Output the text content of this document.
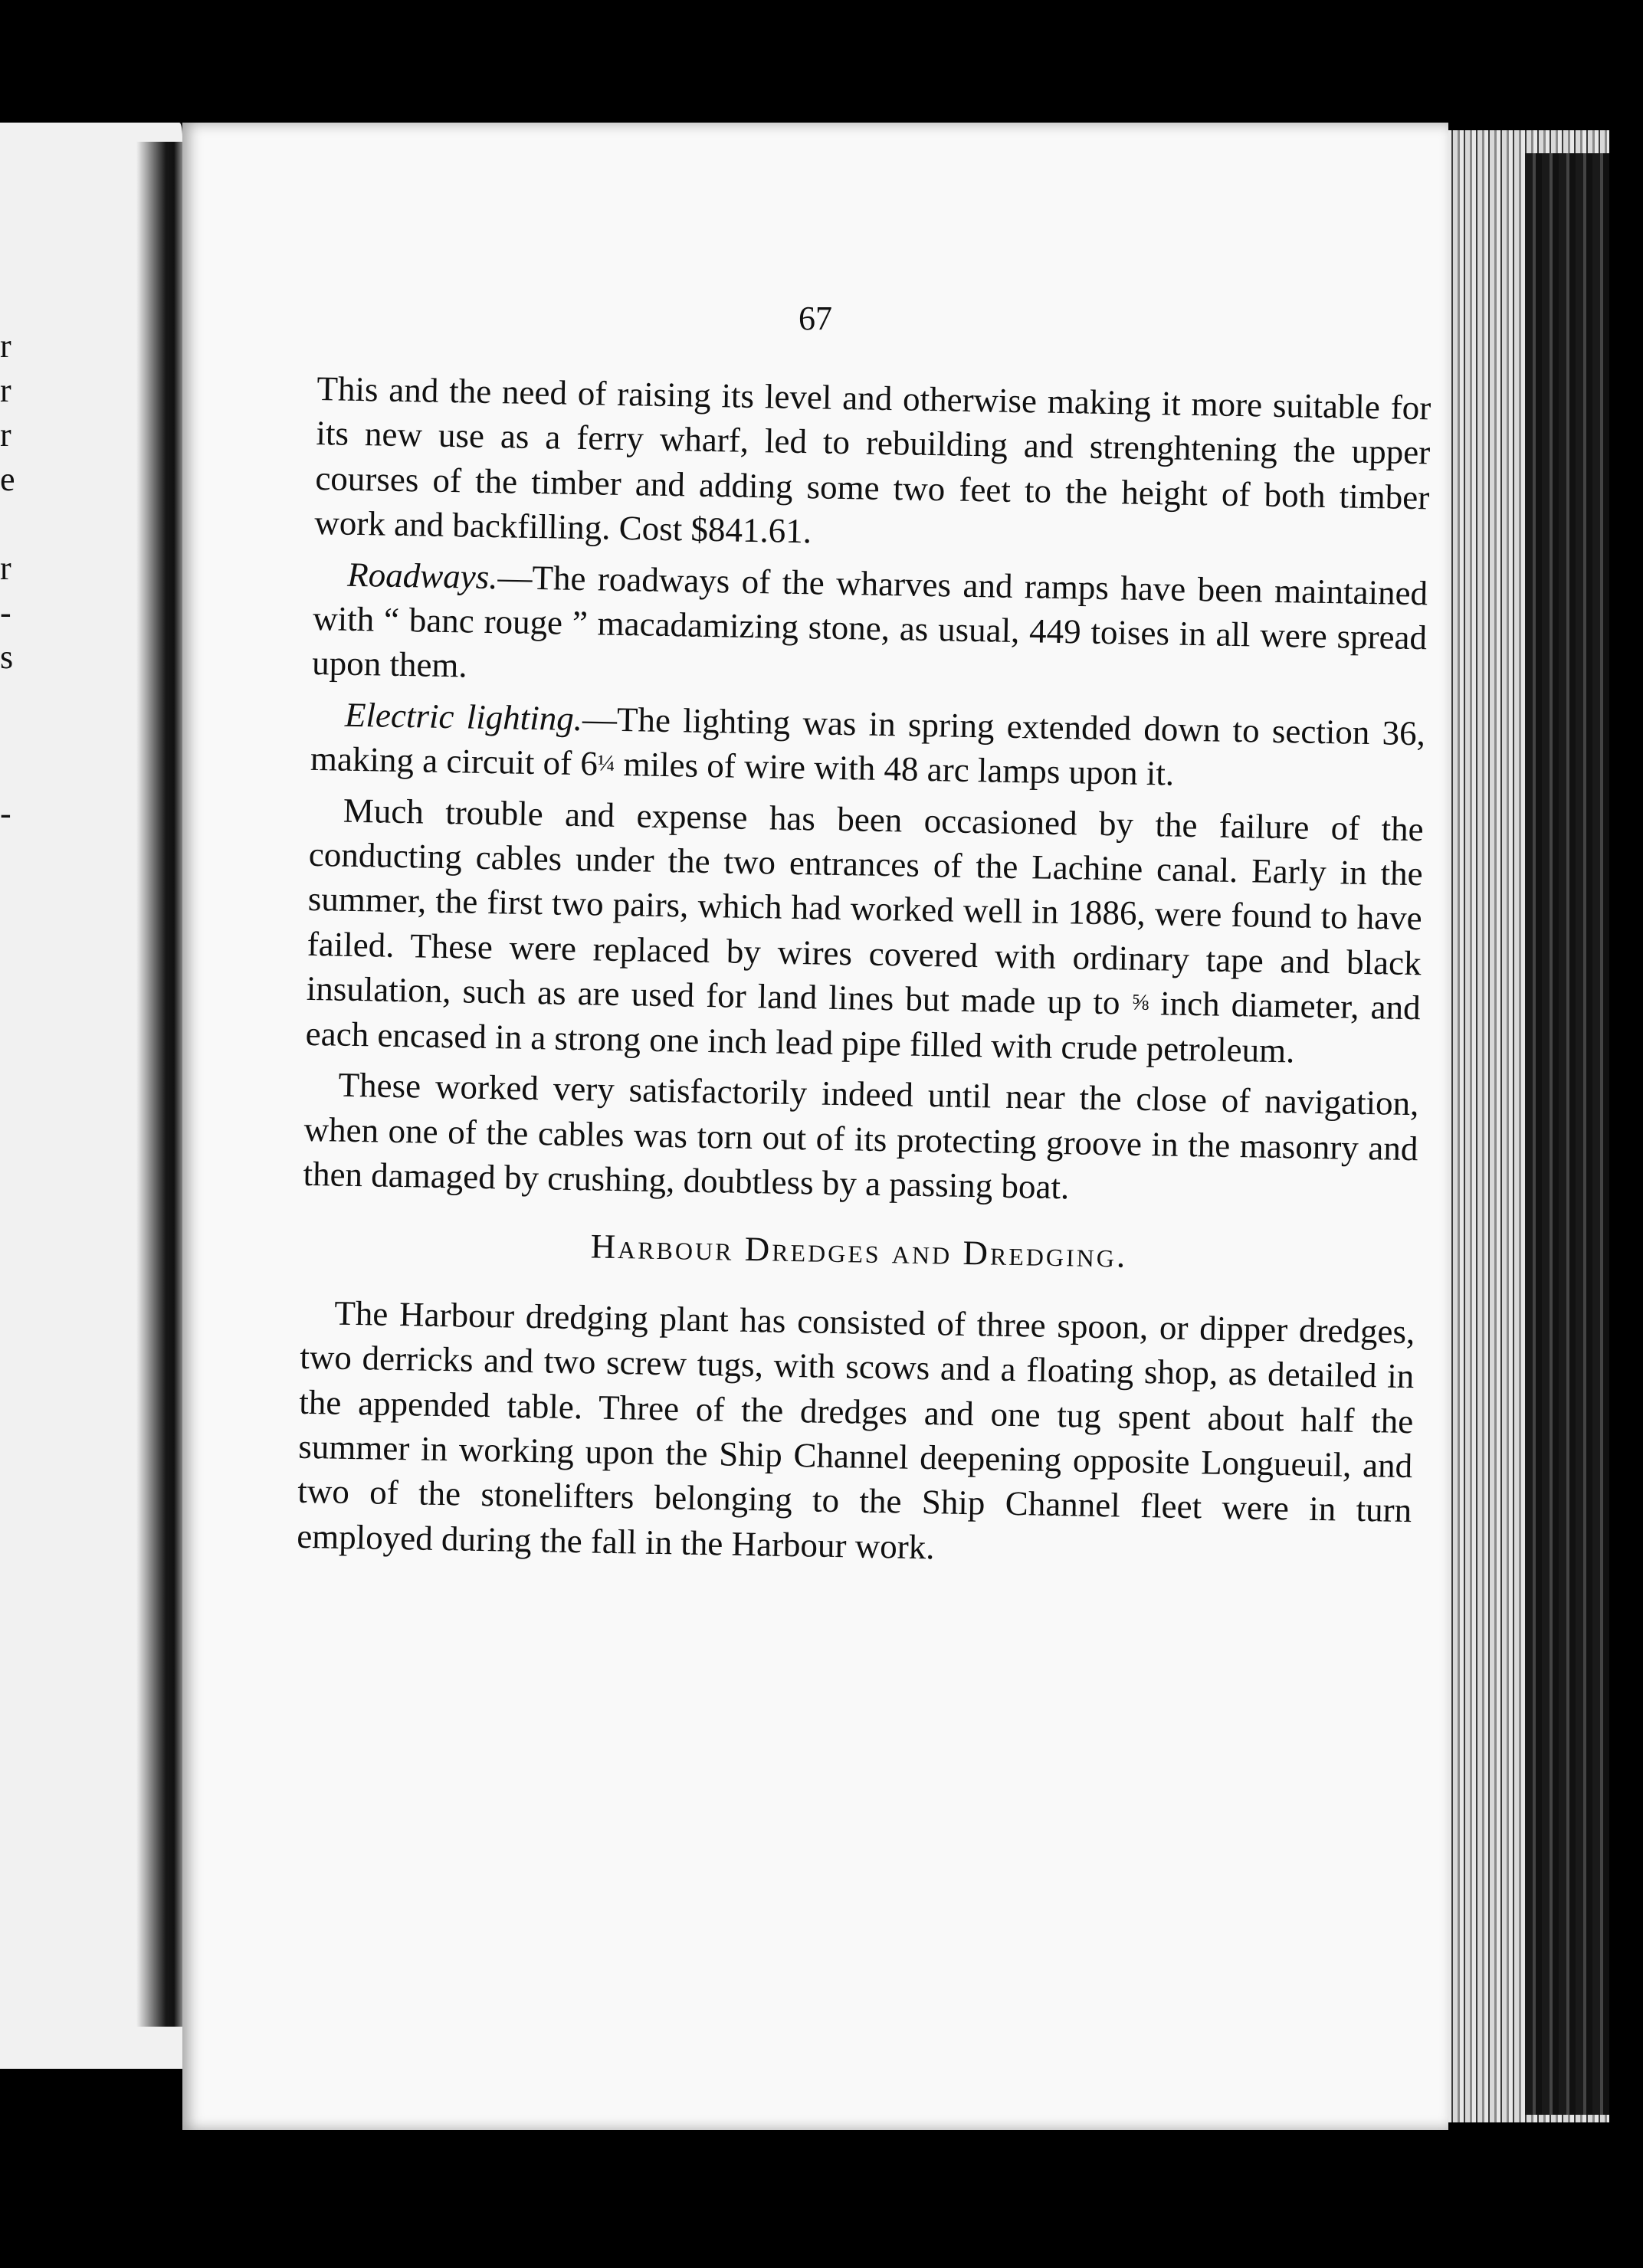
r
r
r
e
r
-
s
-
67

This and the need of raising its level and otherwise making it more suitable for its new use as a ferry wharf, led to rebuilding and strenghtening the upper courses of the timber and adding some two feet to the height of both timber work and backfilling. Cost $841.61.

Roadways.—The roadways of the wharves and ramps have been maintained with “ banc rouge ” macadamizing stone, as usual, 449 toises in all were spread upon them.

Electric lighting.—The lighting was in spring extended down to section 36, making a circuit of 6¼ miles of wire with 48 arc lamps upon it.

Much trouble and expense has been occasioned by the failure of the conducting cables under the two entrances of the Lachine canal. Early in the summer, the first two pairs, which had worked well in 1886, were found to have failed. These were replaced by wires covered with ordinary tape and black insulation, such as are used for land lines but made up to ⅝ inch diameter, and each encased in a strong one inch lead pipe filled with crude petroleum.

These worked very satisfactorily indeed until near the close of navigation, when one of the cables was torn out of its protecting groove in the masonry and then damaged by crushing, doubtless by a passing boat.

Harbour Dredges and Dredging.

The Harbour dredging plant has consisted of three spoon, or dipper dredges, two derricks and two screw tugs, with scows and a floating shop, as detailed in the appended table. Three of the dredges and one tug spent about half the summer in working upon the Ship Channel deepening opposite Longueuil, and two of the stonelifters belonging to the Ship Channel fleet were in turn employed during the fall in the Harbour work.
